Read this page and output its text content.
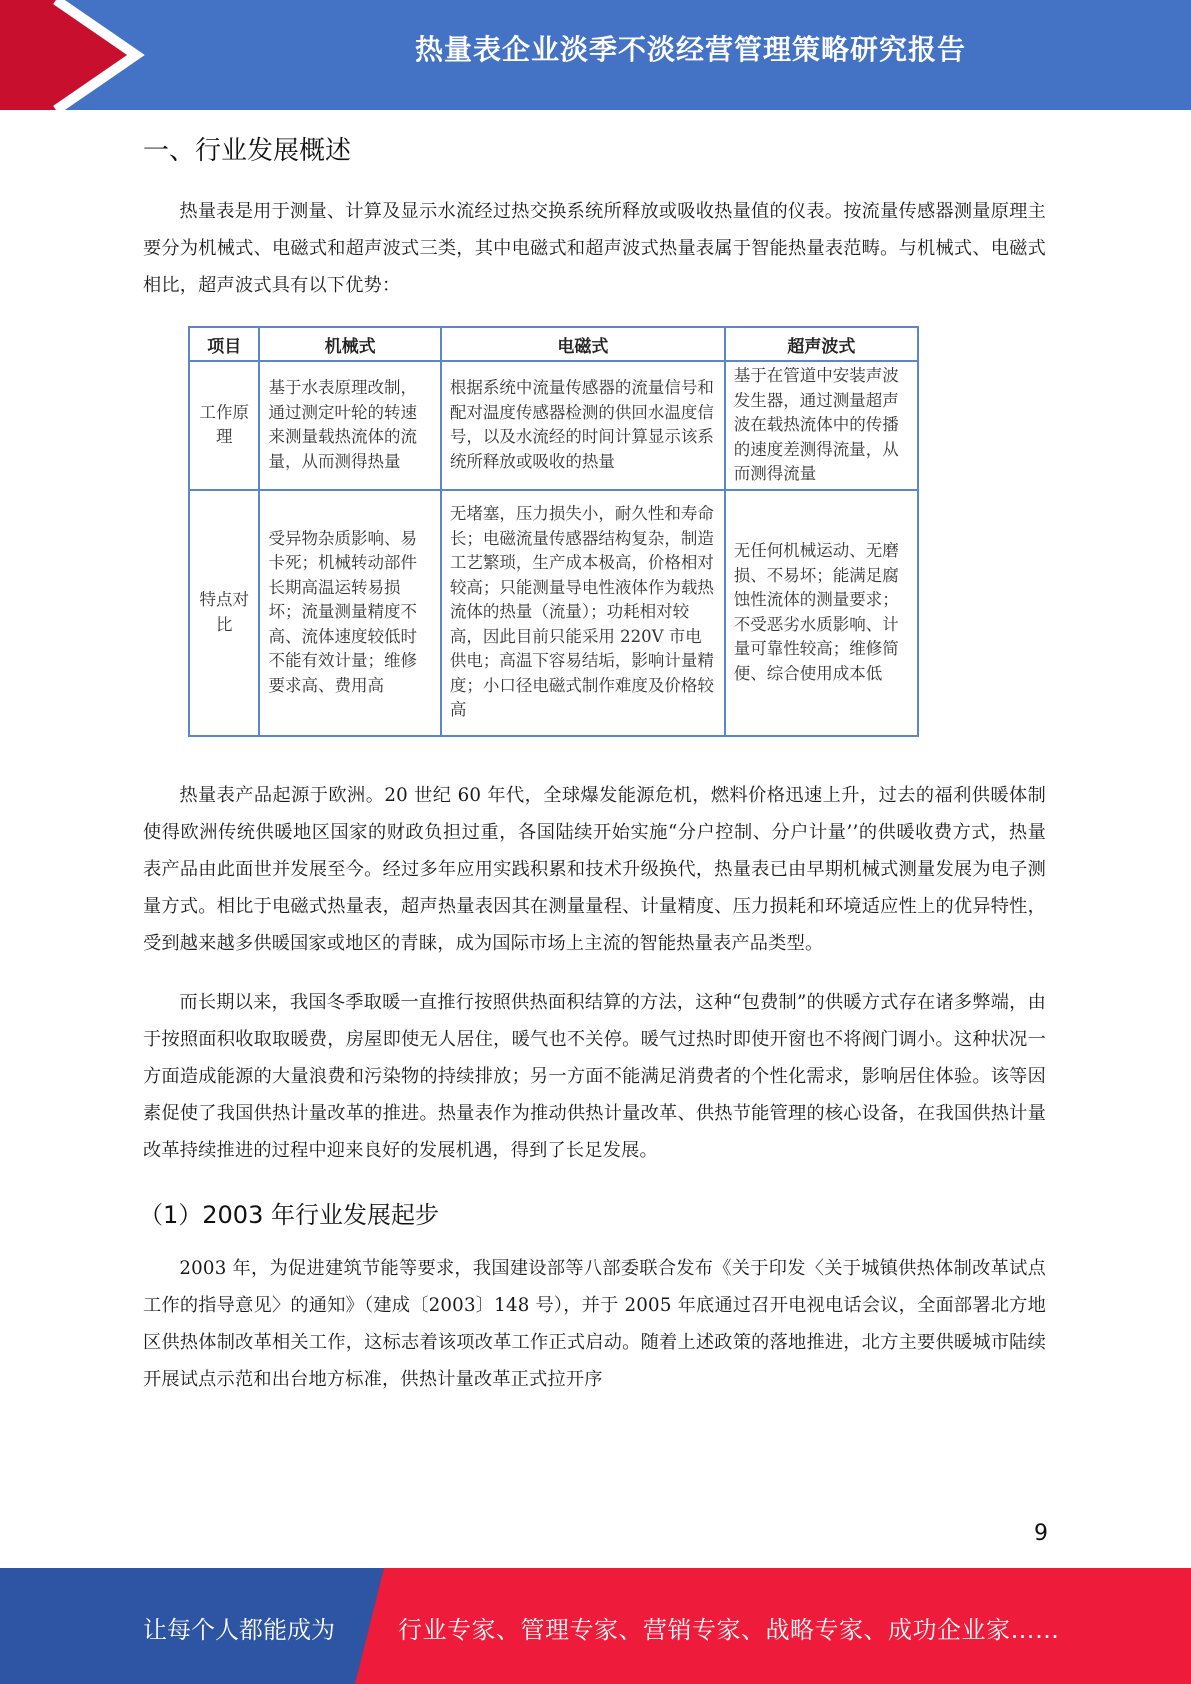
热量表企业淡季不淡经营管理策略研究报告
一、行业发展概述

热量表是用于测量、计算及显示水流经过热交换系统所释放或吸收热量值的仪表。按流量传感器测量原理主要分为机械式、电磁式和超声波式三类，其中电磁式和超声波式热量表属于智能热量表范畴。与机械式、电磁式相比，超声波式具有以下优势：

项目	机械式	电磁式	超声波式
工作原理	基于水表原理改制，通过测定叶轮的转速来测量载热流体的流量，从而测得热量	根据系统中流量传感器的流量信号和配对温度传感器检测的供回水温度信号，以及水流经的时间计算显示该系统所释放或吸收的热量	基于在管道中安装声波发生器，通过测量超声波在载热流体中的传播的速度差测得流量，从而测得流量
特点对比	受异物杂质影响、易卡死；机械转动部件长期高温运转易损坏；流量测量精度不高、流体速度较低时不能有效计量；维修要求高、费用高	无堵塞，压力损失小，耐久性和寿命长；电磁流量传感器结构复杂，制造工艺繁琐，生产成本极高，价格相对较高；只能测量导电性液体作为载热流体的热量（流量）；功耗相对较高，因此目前只能采用 220V 市电供电；高温下容易结垢，影响计量精度；小口径电磁式制作难度及价格较高	无任何机械运动、无磨损、不易坏；能满足腐蚀性流体的测量要求；不受恶劣水质影响、计量可靠性较高；维修简便、综合使用成本低

热量表产品起源于欧洲。20 世纪 60 年代，全球爆发能源危机，燃料价格迅速上升，过去的福利供暖体制使得欧洲传统供暖地区国家的财政负担过重，各国陆续开始实施“分户控制、分户计量’’的供暖收费方式，热量表产品由此面世并发展至今。经过多年应用实践积累和技术升级换代，热量表已由早期机械式测量发展为电子测量方式。相比于电磁式热量表，超声热量表因其在测量量程、计量精度、压力损耗和环境适应性上的优异特性，受到越来越多供暖国家或地区的青睐，成为国际市场上主流的智能热量表产品类型。

而长期以来，我国冬季取暖一直推行按照供热面积结算的方法，这种“包费制”的供暖方式存在诸多弊端，由于按照面积收取取暖费，房屋即使无人居住，暖气也不关停。暖气过热时即使开窗也不将阀门调小。这种状况一方面造成能源的大量浪费和污染物的持续排放；另一方面不能满足消费者的个性化需求，影响居住体验。该等因素促使了我国供热计量改革的推进。热量表作为推动供热计量改革、供热节能管理的核心设备，在我国供热计量改革持续推进的过程中迎来良好的发展机遇，得到了长足发展。

（1）2003 年行业发展起步

2003 年，为促进建筑节能等要求，我国建设部等八部委联合发布《关于印发〈关于城镇供热体制改革试点工作的指导意见〉的通知》（建成〔2003〕148 号），并于 2005 年底通过召开电视电话会议，全面部署北方地区供热体制改革相关工作，这标志着该项改革工作正式启动。随着上述政策的落地推进，北方主要供暖城市陆续开展试点示范和出台地方标准，供热计量改革正式拉开序

9
让每个人都能成为	行业专家、管理专家、营销专家、战略专家、成功企业家……
